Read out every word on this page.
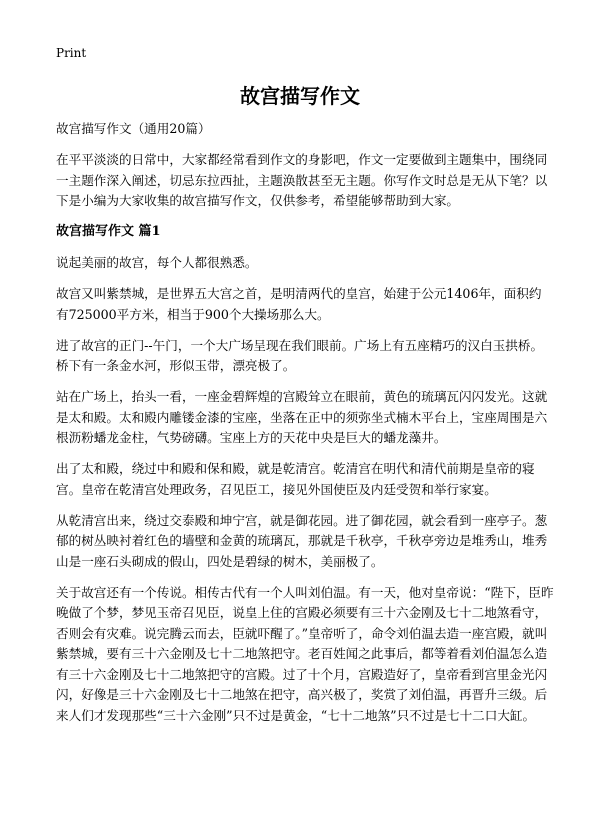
Print
故宫描写作文

故宫描写作文（通用20篇）

在平平淡淡的日常中，大家都经常看到作文的身影吧，作文一定要做到主题集中，围绕同一主题作深入阐述，切忌东拉西扯，主题涣散甚至无主题。你写作文时总是无从下笔？以下是小编为大家收集的故宫描写作文，仅供参考，希望能够帮助到大家。

故宫描写作文 篇1

说起美丽的故宫，每个人都很熟悉。

故宫又叫紫禁城，是世界五大宫之首，是明清两代的皇宫，始建于公元1406年，面积约有725000平方米，相当于900个大操场那么大。

进了故宫的正门--午门，一个大广场呈现在我们眼前。广场上有五座精巧的汉白玉拱桥。桥下有一条金水河，形似玉带，漂亮极了。

站在广场上，抬头一看，一座金碧辉煌的宫殿耸立在眼前，黄色的琉璃瓦闪闪发光。这就是太和殿。太和殿内雕镂金漆的宝座，坐落在正中的须弥坐式楠木平台上，宝座周围是六根沥粉蟠龙金柱，气势磅礴。宝座上方的天花中央是巨大的蟠龙藻井。

出了太和殿，绕过中和殿和保和殿，就是乾清宫。乾清宫在明代和清代前期是皇帝的寝宫。皇帝在乾清宫处理政务，召见臣工，接见外国使臣及内廷受贺和举行家宴。

从乾清宫出来，绕过交泰殿和坤宁宫，就是御花园。进了御花园，就会看到一座亭子。葱郁的树丛映衬着红色的墙壁和金黄的琉璃瓦，那就是千秋亭，千秋亭旁边是堆秀山，堆秀山是一座石头砌成的假山，四处是碧绿的树木，美丽极了。

关于故宫还有一个传说。相传古代有一个人叫刘伯温。有一天，他对皇帝说：“陛下，臣昨晚做了个梦，梦见玉帝召见臣，说皇上住的宫殿必须要有三十六金刚及七十二地煞看守，否则会有灾难。说完腾云而去，臣就吓醒了。”皇帝听了，命令刘伯温去造一座宫殿，就叫紫禁城，要有三十六金刚及七十二地煞把守。老百姓闻之此事后，都等着看刘伯温怎么造有三十六金刚及七十二地煞把守的宫殿。过了十个月，宫殿造好了，皇帝看到宫里金光闪闪，好像是三十六金刚及七十二地煞在把守，高兴极了，奖赏了刘伯温，再晋升三级。后来人们才发现那些“三十六金刚”只不过是黄金，“七十二地煞”只不过是七十二口大缸。
